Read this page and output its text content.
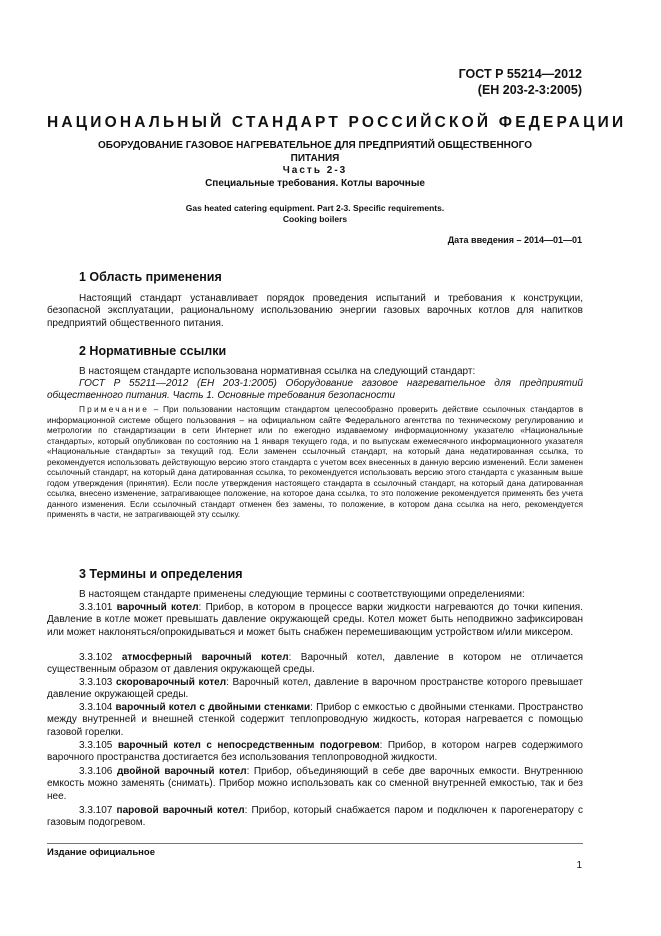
ГОСТ Р 55214—2012
(EH 203-2-3:2005)
НАЦИОНАЛЬНЫЙ СТАНДАРТ РОССИЙСКОЙ ФЕДЕРАЦИИ
ОБОРУДОВАНИЕ ГАЗОВОЕ НАГРЕВАТЕЛЬНОЕ ДЛЯ ПРЕДПРИЯТИЙ ОБЩЕСТВЕННОГО
ПИТАНИЯ
Часть 2-3
Специальные требования. Котлы варочные
Gas heated catering equipment. Part 2-3. Specific requirements.
Cooking boilers
Дата введения – 2014—01—01
1 Область применения

Настоящий стандарт устанавливает порядок проведения испытаний и требования к конструкции, безопасной эксплуатации, рациональному использованию энергии газовых варочных котлов для напитков предприятий общественного питания.

2 Нормативные ссылки

В настоящем стандарте использована нормативная ссылка на следующий стандарт:

ГОСТ Р 55211—2012 (ЕН 203-1:2005) Оборудование газовое нагревательное для предприятий общественного питания. Часть 1. Основные требования безопасности

Примечание – При пользовании настоящим стандартом целесообразно проверить действие ссылочных стандартов в информационной системе общего пользования – на официальном сайте Федерального агентства по техническому регулированию и метрологии по стандартизации в сети Интернет или по ежегодно издаваемому информационному указателю «Национальные стандарты», который опубликован по состоянию на 1 января текущего года, и по выпускам ежемесячного информационного указателя «Национальные стандарты» за текущий год. Если заменен ссылочный стандарт, на который дана недатированная ссылка, то рекомендуется использовать действующую версию этого стандарта с учетом всех внесенных в данную версию изменений. Если заменен ссылочный стандарт, на который дана датированная ссылка, то рекомендуется использовать версию этого стандарта с указанным выше годом утверждения (принятия). Если после утверждения настоящего стандарта в ссылочный стандарт, на который дана датированная ссылка, внесено изменение, затрагивающее положение, на которое дана ссылка, то это положение рекомендуется применять без учета данного изменения. Если ссылочный стандарт отменен без замены, то положение, в котором дана ссылка на него, рекомендуется применять в части, не затрагивающей эту ссылку.

3 Термины и определения

В настоящем стандарте применены следующие термины с соответствующими определениями:

3.3.101 варочный котел: Прибор, в котором в процессе варки жидкости нагреваются до точки кипения. Давление в котле может превышать давление окружающей среды. Котел может быть неподвижно зафиксирован или может наклоняться/опрокидываться и может быть снабжен перемешивающим устройством и/или миксером.

3.3.102 атмосферный варочный котел: Варочный котел, давление в котором не отличается существенным образом от давления окружающей среды.

3.3.103 скороварочный котел: Варочный котел, давление в варочном пространстве которого превышает давление окружающей среды.

3.3.104 варочный котел с двойными стенками: Прибор с емкостью с двойными стенками. Пространство между внутренней и внешней стенкой содержит теплопроводную жидкость, которая нагревается с помощью газовой горелки.

3.3.105 варочный котел с непосредственным подогревом: Прибор, в котором нагрев содержимого варочного пространства достигается без использования теплопроводной жидкости.

3.3.106 двойной варочный котел: Прибор, объединяющий в себе две варочных емкости. Внутреннюю емкость можно заменять (снимать). Прибор можно использовать как со сменной внутренней емкостью, так и без нее.

3.3.107 паровой варочный котел: Прибор, который снабжается паром и подключен к парогенератору с газовым подогревом.

Издание официальное
1
